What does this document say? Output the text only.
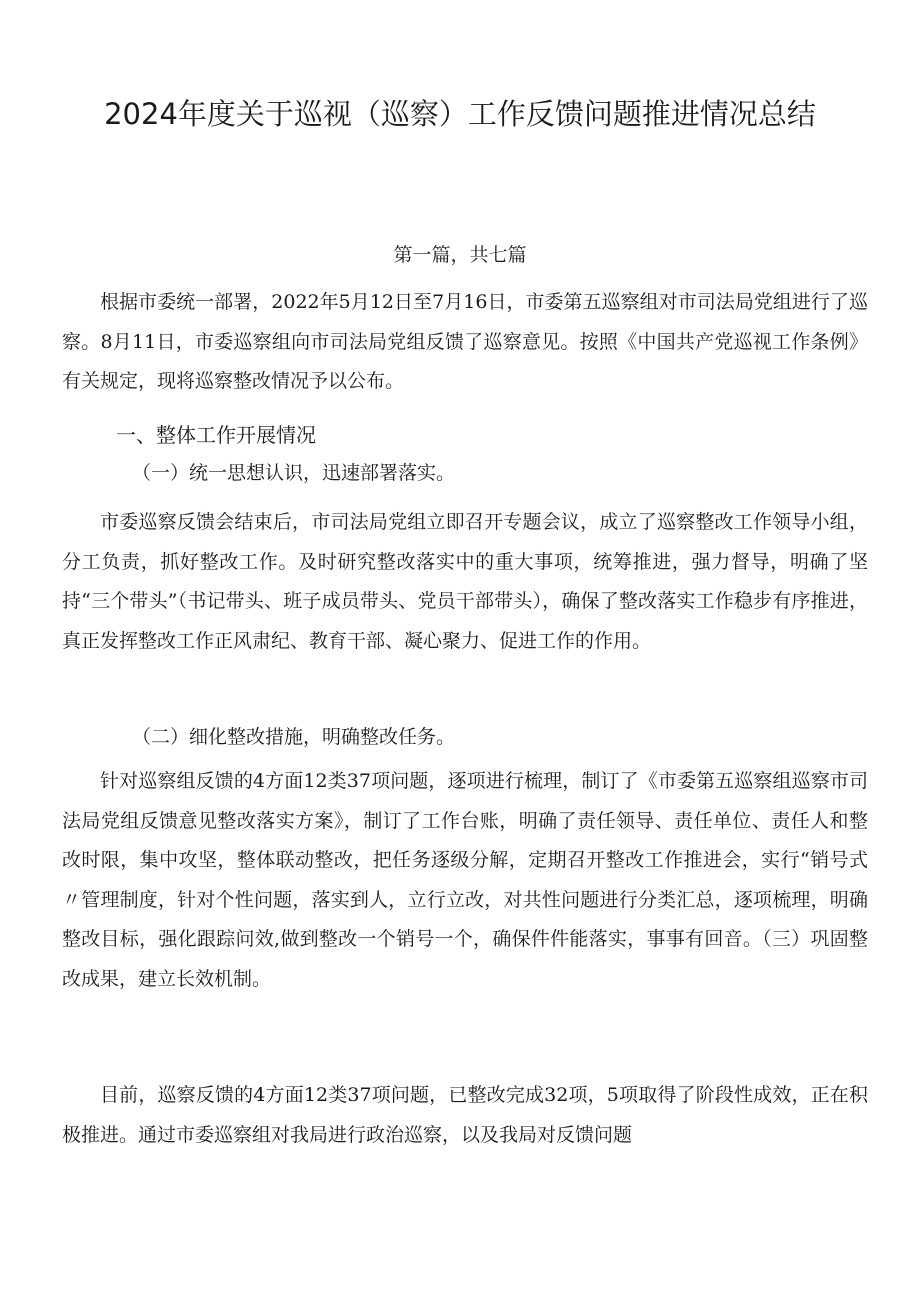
2024年度关于巡视（巡察）工作反馈问题推进情况总结
第一篇，共七篇

根据市委统一部署，2022年5月12日至7月16日，市委第五巡察组对市司法局党组进行了巡察。8月11日，市委巡察组向市司法局党组反馈了巡察意见。按照《中国共产党巡视工作条例》有关规定，现将巡察整改情况予以公布。

一、整体工作开展情况
（一）统一思想认识，迅速部署落实。

市委巡察反馈会结束后，市司法局党组立即召开专题会议，成立了巡察整改工作领导小组，分工负责，抓好整改工作。及时研究整改落实中的重大事项，统筹推进，强力督导，明确了坚持“三个带头”（书记带头、班子成员带头、党员干部带头），确保了整改落实工作稳步有序推进，真正发挥整改工作正风肃纪、教育干部、凝心聚力、促进工作的作用。

（二）细化整改措施，明确整改任务。

针对巡察组反馈的4方面12类37项问题，逐项进行梳理，制订了《市委第五巡察组巡察市司法局党组反馈意见整改落实方案》，制订了工作台账，明确了责任领导、责任单位、责任人和整改时限，集中攻坚，整体联动整改，把任务逐级分解，定期召开整改工作推进会，实行“销号式〃管理制度，针对个性问题，落实到人，立行立改，对共性问题进行分类汇总，逐项梳理，明确整改目标，强化跟踪问效,做到整改一个销号一个，确保件件能落实，事事有回音。（三）巩固整改成果，建立长效机制。

目前，巡察反馈的4方面12类37项问题，已整改完成32项，5项取得了阶段性成效，正在积极推进。通过市委巡察组对我局进行政治巡察，以及我局对反馈问题
